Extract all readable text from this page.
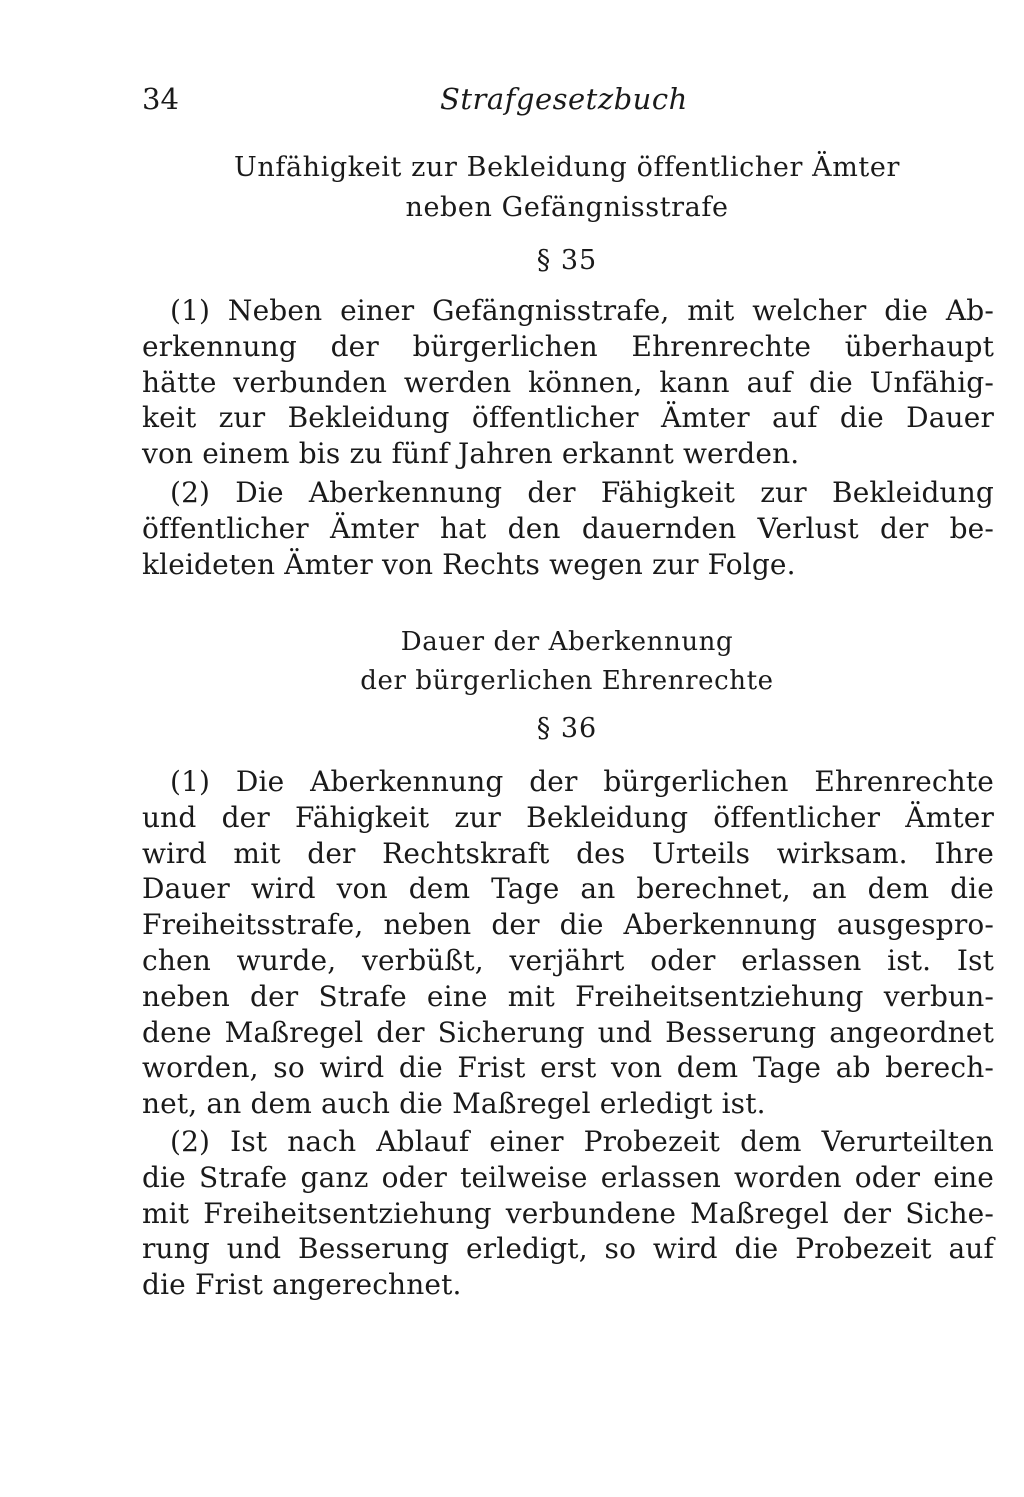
34	Strafgesetzbuch
Unfähigkeit zur Bekleidung öffentlicher Ämter
neben Gefängnisstrafe
§ 35
(1) Neben einer Gefängnisstrafe, mit welcher die Ab-
erkennung der bürgerlichen Ehrenrechte überhaupt
hätte verbunden werden können, kann auf die Unfähig-
keit zur Bekleidung öffentlicher Ämter auf die Dauer
von einem bis zu fünf Jahren erkannt werden.
(2) Die Aberkennung der Fähigkeit zur Bekleidung
öffentlicher Ämter hat den dauernden Verlust der be-
kleideten Ämter von Rechts wegen zur Folge.
Dauer der Aberkennung
der bürgerlichen Ehrenrechte
§ 36
(1) Die Aberkennung der bürgerlichen Ehrenrechte
und der Fähigkeit zur Bekleidung öffentlicher Ämter
wird mit der Rechtskraft des Urteils wirksam. Ihre
Dauer wird von dem Tage an berechnet, an dem die
Freiheitsstrafe, neben der die Aberkennung ausgespro-
chen wurde, verbüßt, verjährt oder erlassen ist. Ist
neben der Strafe eine mit Freiheitsentziehung verbun-
dene Maßregel der Sicherung und Besserung angeordnet
worden, so wird die Frist erst von dem Tage ab berech-
net, an dem auch die Maßregel erledigt ist.
(2) Ist nach Ablauf einer Probezeit dem Verurteilten
die Strafe ganz oder teilweise erlassen worden oder eine
mit Freiheitsentziehung verbundene Maßregel der Siche-
rung und Besserung erledigt, so wird die Probezeit auf
die Frist angerechnet.
